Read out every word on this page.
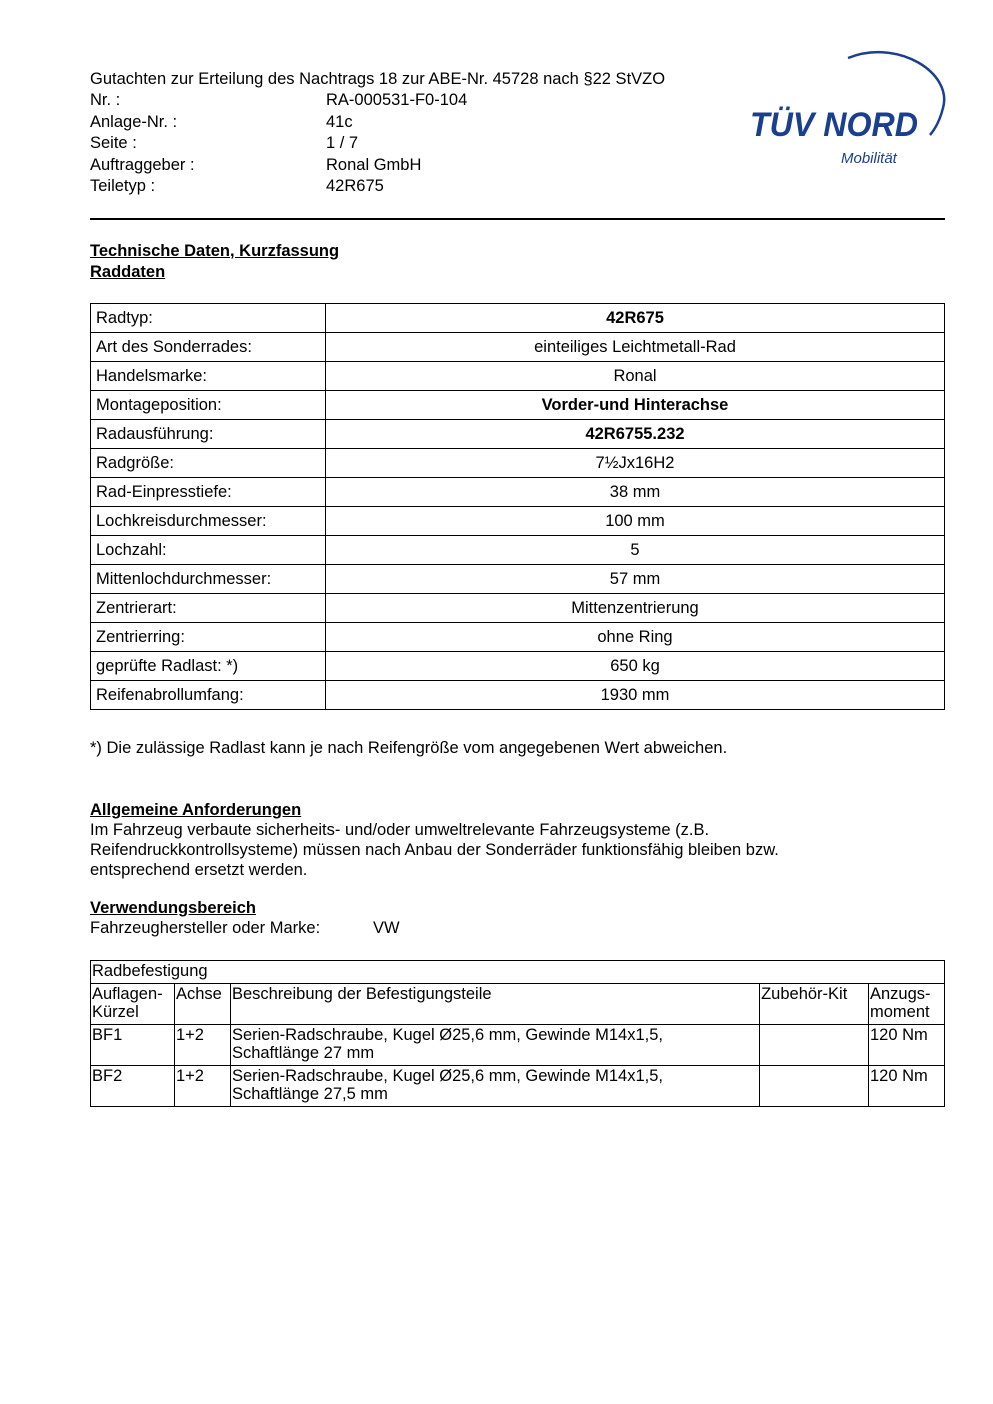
Gutachten zur Erteilung des Nachtrags 18 zur ABE-Nr. 45728 nach §22 StVZO
Nr. :	RA-000531-F0-104
Anlage-Nr. :	41c
Seite :	1 / 7
Auftraggeber :	Ronal GmbH
Teiletyp :	42R675
TÜV NORD
Mobilität
Technische Daten, Kurzfassung
Raddaten
Radtyp:	42R675
Art des Sonderrades:	einteiliges Leichtmetall-Rad
Handelsmarke:	Ronal
Montageposition:	Vorder-und Hinterachse
Radausführung:	42R6755.232
Radgröße:	7½Jx16H2
Rad-Einpresstiefe:	38 mm
Lochkreisdurchmesser:	100 mm
Lochzahl:	5
Mittenlochdurchmesser:	57 mm
Zentrierart:	Mittenzentrierung
Zentrierring:	ohne Ring
geprüfte Radlast: *)	650 kg
Reifenabrollumfang:	1930 mm
*) Die zulässige Radlast kann je nach Reifengröße vom angegebenen Wert abweichen.
Allgemeine Anforderungen
Im Fahrzeug verbaute sicherheits- und/oder umweltrelevante Fahrzeugsysteme (z.B.
Reifendruckkontrollsysteme) müssen nach Anbau der Sonderräder funktionsfähig bleiben bzw.
entsprechend ersetzt werden.
Verwendungsbereich
Fahrzeughersteller oder Marke:	VW
Radbefestigung				
Auflagen-
Kürzel	Achse	Beschreibung der Befestigungsteile	Zubehör-Kit	Anzugs-
moment
BF1	1+2	Serien-Radschraube, Kugel Ø25,6 mm, Gewinde M14x1,5,
Schaftlänge 27 mm		120 Nm
BF2	1+2	Serien-Radschraube, Kugel Ø25,6 mm, Gewinde M14x1,5,
Schaftlänge 27,5 mm		120 Nm
